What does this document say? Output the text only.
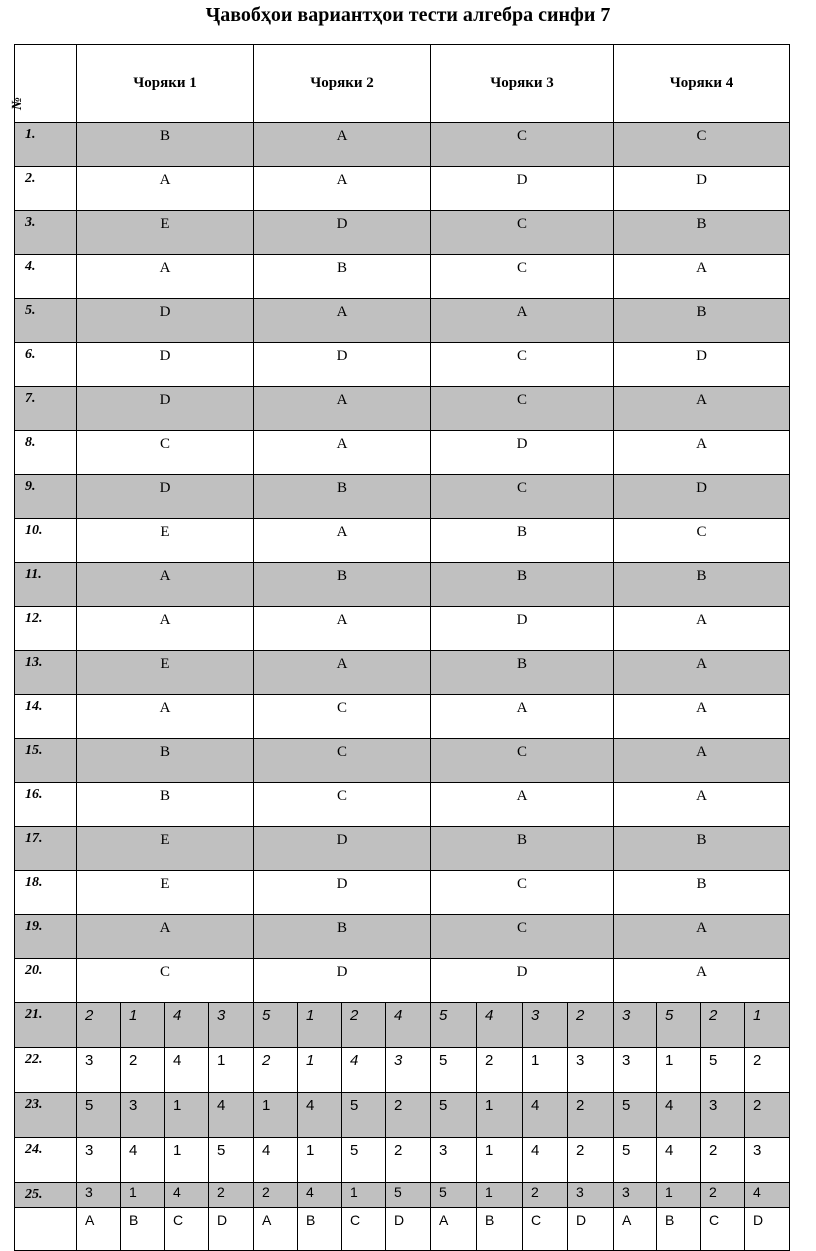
Ҷавобҳои вариантҳои тести алгебра синфи 7
№	Чоряки 1				Чоряки 2				Чоряки 3				Чоряки 4			
1.	B				A				C				C			
2.	A				A				D				D			
3.	E				D				C				B			
4.	A				B				C				A			
5.	D				A				A				B			
6.	D				D				C				D			
7.	D				A				C				A			
8.	C				A				D				A			
9.	D				B				C				D			
10.	E				A				B				C			
11.	A				B				B				B			
12.	A				A				D				A			
13.	E				A				B				A			
14.	A				C				A				A			
15.	B				C				C				A			
16.	B				C				A				A			
17.	E				D				B				B			
18.	E				D				C				B			
19.	A				B				C				A			
20.	C				D				D				A			
21.	2	1	4	3	5	1	2	4	5	4	3	2	3	5	2	1
22.	3	2	4	1	2	1	4	3	5	2	1	3	3	1	5	2
23.	5	3	1	4	1	4	5	2	5	1	4	2	5	4	3	2
24.	3	4	1	5	4	1	5	2	3	1	4	2	5	4	2	3
25.	3	1	4	2	2	4	1	5	5	1	2	3	3	1	2	4
	A	B	C	D	A	B	C	D	A	B	C	D	A	B	C	D
